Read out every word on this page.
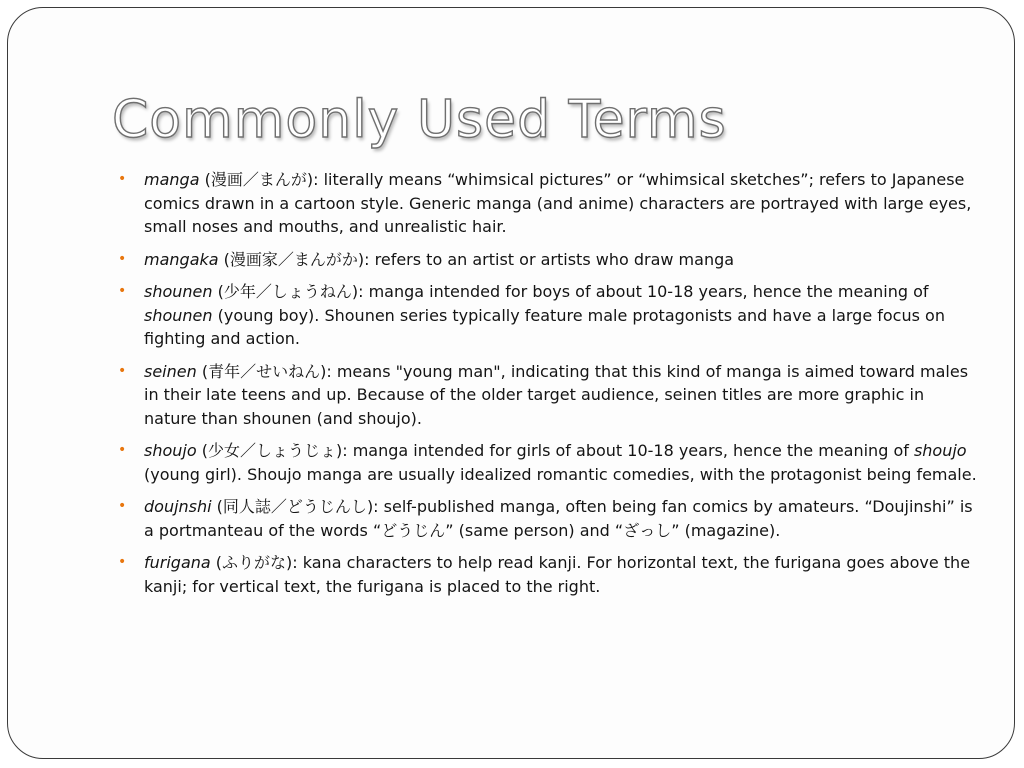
Commonly Used Terms
• manga (漫画／まんが): literally means “whimsical pictures” or “whimsical sketches”; refers to Japanese comics drawn in a cartoon style. Generic manga (and anime) characters are portrayed with large eyes, small noses and mouths, and unrealistic hair.
• mangaka (漫画家／まんがか): refers to an artist or artists who draw manga
• shounen (少年／しょうねん): manga intended for boys of about 10-18 years, hence the meaning of shounen (young boy). Shounen series typically feature male protagonists and have a large focus on fighting and action.
• seinen (青年／せいねん): means "young man", indicating that this kind of manga is aimed toward males in their late teens and up. Because of the older target audience, seinen titles are more graphic in nature than shounen (and shoujo).
• shoujo (少女／しょうじょ): manga intended for girls of about 10-18 years, hence the meaning of shoujo (young girl). Shoujo manga are usually idealized romantic comedies, with the protagonist being female.
• doujnshi (同人誌／どうじんし): self-published manga, often being fan comics by amateurs. “Doujinshi” is a portmanteau of the words “どうじん” (same person) and “ざっし” (magazine).
• furigana (ふりがな): kana characters to help read kanji. For horizontal text, the furigana goes above the kanji; for vertical text, the furigana is placed to the right.
